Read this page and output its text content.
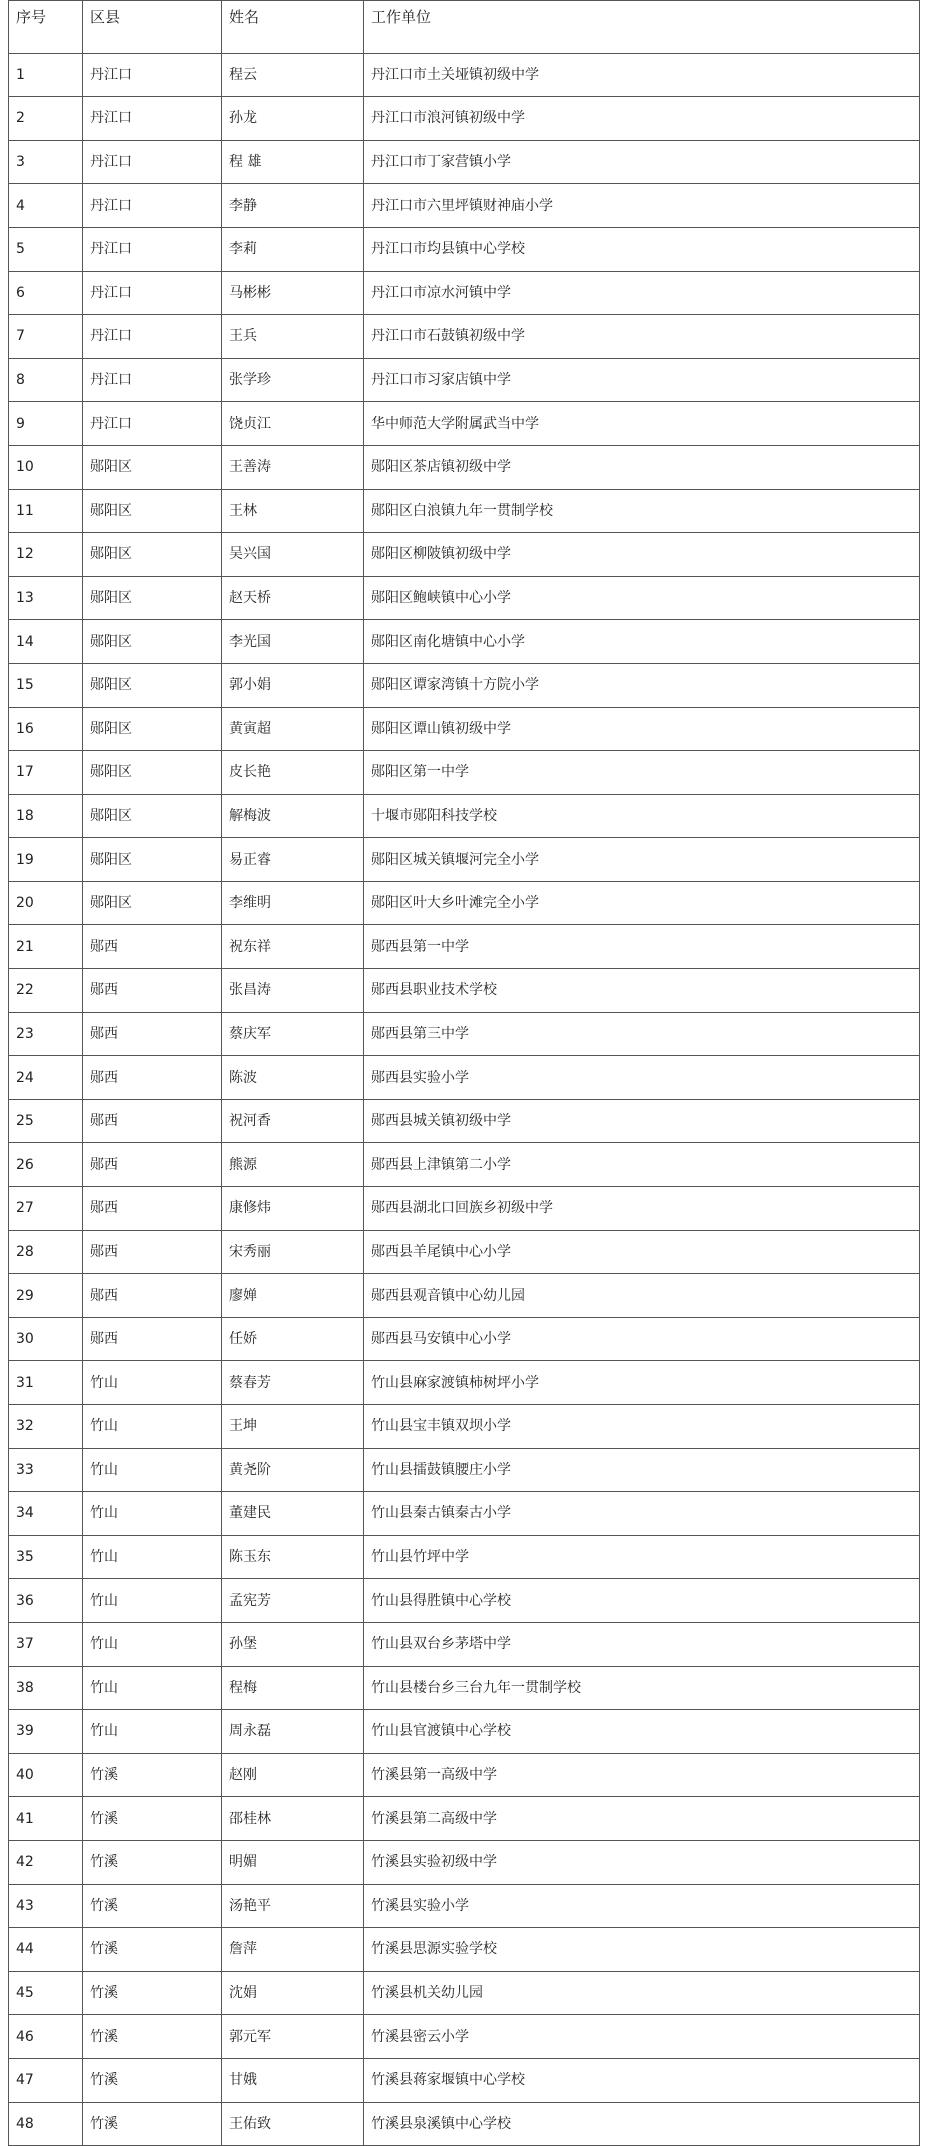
序号	区县	姓名	工作单位
1	丹江口	程云	丹江口市土关垭镇初级中学
2	丹江口	孙龙	丹江口市浪河镇初级中学
3	丹江口	程 雄	丹江口市丁家营镇小学
4	丹江口	李静	丹江口市六里坪镇财神庙小学
5	丹江口	李莉	丹江口市均县镇中心学校
6	丹江口	马彬彬	丹江口市凉水河镇中学
7	丹江口	王兵	丹江口市石鼓镇初级中学
8	丹江口	张学珍	丹江口市习家店镇中学
9	丹江口	饶贞江	华中师范大学附属武当中学
10	郧阳区	王善涛	郧阳区茶店镇初级中学
11	郧阳区	王林	郧阳区白浪镇九年一贯制学校
12	郧阳区	吴兴国	郧阳区柳陂镇初级中学
13	郧阳区	赵天桥	郧阳区鲍峡镇中心小学
14	郧阳区	李光国	郧阳区南化塘镇中心小学
15	郧阳区	郭小娟	郧阳区谭家湾镇十方院小学
16	郧阳区	黄寅超	郧阳区谭山镇初级中学
17	郧阳区	皮长艳	郧阳区第一中学
18	郧阳区	解梅波	十堰市郧阳科技学校
19	郧阳区	易正睿	郧阳区城关镇堰河完全小学
20	郧阳区	李维明	郧阳区叶大乡叶滩完全小学
21	郧西	祝东祥	郧西县第一中学
22	郧西	张昌涛	郧西县职业技术学校
23	郧西	蔡庆军	郧西县第三中学
24	郧西	陈波	郧西县实验小学
25	郧西	祝河香	郧西县城关镇初级中学
26	郧西	熊源	郧西县上津镇第二小学
27	郧西	康修炜	郧西县湖北口回族乡初级中学
28	郧西	宋秀丽	郧西县羊尾镇中心小学
29	郧西	廖婵	郧西县观音镇中心幼儿园
30	郧西	任娇	郧西县马安镇中心小学
31	竹山	蔡春芳	竹山县麻家渡镇柿树坪小学
32	竹山	王坤	竹山县宝丰镇双坝小学
33	竹山	黄尧阶	竹山县擂鼓镇腰庄小学
34	竹山	董建民	竹山县秦古镇秦古小学
35	竹山	陈玉东	竹山县竹坪中学
36	竹山	孟宪芳	竹山县得胜镇中心学校
37	竹山	孙堡	竹山县双台乡茅塔中学
38	竹山	程梅	竹山县楼台乡三台九年一贯制学校
39	竹山	周永磊	竹山县官渡镇中心学校
40	竹溪	赵刚	竹溪县第一高级中学
41	竹溪	邵桂林	竹溪县第二高级中学
42	竹溪	明媚	竹溪县实验初级中学
43	竹溪	汤艳平	竹溪县实验小学
44	竹溪	詹萍	竹溪县思源实验学校
45	竹溪	沈娟	竹溪县机关幼儿园
46	竹溪	郭元军	竹溪县密云小学
47	竹溪	甘娥	竹溪县蒋家堰镇中心学校
48	竹溪	王佑致	竹溪县泉溪镇中心学校
